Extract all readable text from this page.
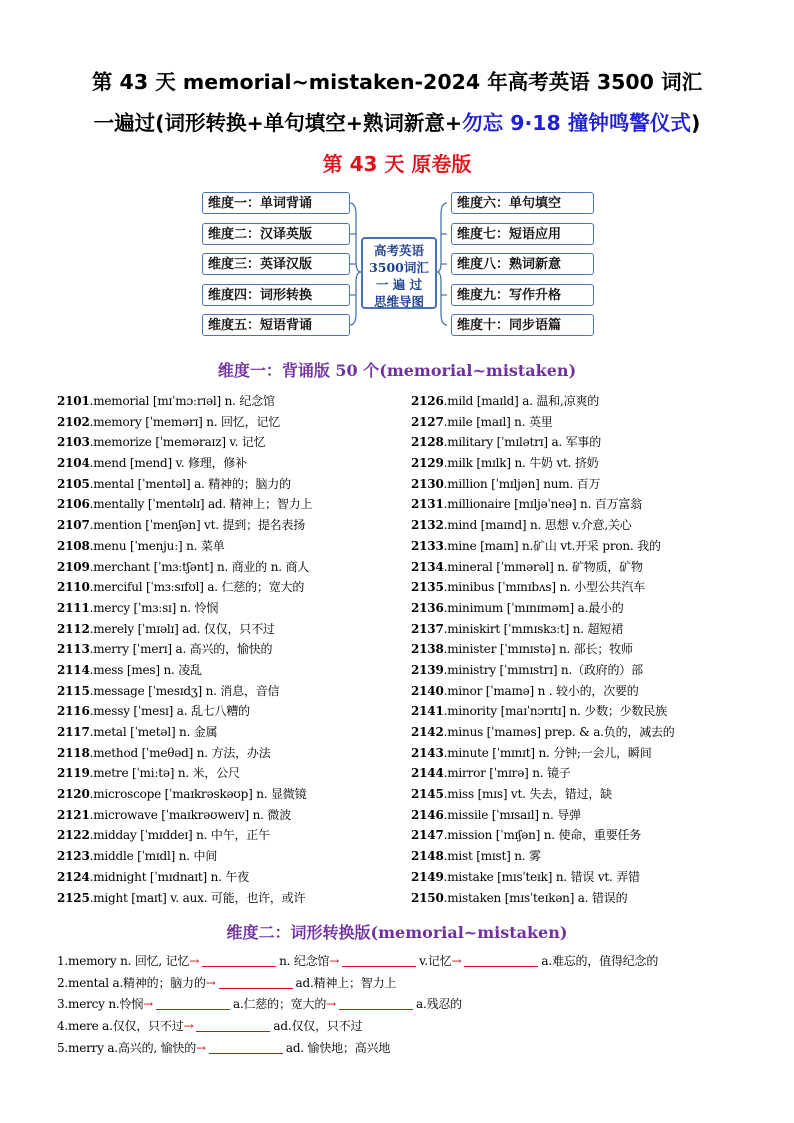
第 43 天 memorial~mistaken-2024 年高考英语 3500 词汇
一遍过(词形转换+单句填空+熟词新意+勿忘 9·18 撞钟鸣警仪式)
第 43 天 原卷版
维度一：单词背诵
维度二：汉译英版
维度三：英译汉版
维度四：词形转换
维度五：短语背诵
高考英语
3500词汇
一 遍 过
思维导图
维度六：单句填空
维度七：短语应用
维度八：熟词新意
维度九：写作升格
维度十：同步语篇
维度一：背诵版 50 个(memorial~mistaken)
2101.memorial [mɪˈmɔːrɪəl] n. 纪念馆
2102.memory [ˈmemərɪ] n. 回忆，记忆
2103.memorize [ˈmeməraɪz] v. 记忆
2104.mend [mend] v. 修理，修补
2105.mental [ˈmentəl] a. 精神的；脑力的
2106.mentally [ˈmentəlɪ] ad. 精神上；智力上
2107.mention [ˈmenʃən] vt. 提到；提名表扬
2108.menu [ˈmenjuː] n. 菜单
2109.merchant [ˈmɜːtʃənt] n. 商业的 n. 商人
2110.merciful [ˈmɜːsɪfʊl] a. 仁慈的；宽大的
2111.mercy [ˈmɜːsɪ] n. 怜悯
2112.merely [ˈmɪəlɪ] ad. 仅仅，只不过
2113.merry [ˈmerɪ] a. 高兴的，愉快的
2114.mess [mes] n. 凌乱
2115.message [ˈmesɪdʒ] n. 消息，音信
2116.messy [ˈmesɪ] a. 乱七八糟的
2117.metal [ˈmetəl] n. 金属
2118.method [ˈmeθəd] n. 方法，办法
2119.metre [ˈmiːtə] n. 米，公尺
2120.microscope [ˈmaɪkrəskəʊp] n. 显微镜
2121.microwave [ˈmaɪkrəʊweɪv] n. 微波
2122.midday [ˈmɪddeɪ] n. 中午，正午
2123.middle [ˈmɪdl] n. 中间
2124.midnight [ˈmɪdnaɪt] n. 午夜
2125.might [maɪt] v. aux. 可能，也许，或许
2126.mild [maɪld] a. 温和,凉爽的
2127.mile [maɪl] n. 英里
2128.military [ˈmɪlətrɪ] a. 军事的
2129.milk [mɪlk] n. 牛奶 vt. 挤奶
2130.million [ˈmɪljən] num. 百万
2131.millionaire [mɪljəˈneə] n. 百万富翁
2132.mind [maɪnd] n. 思想 v.介意,关心
2133.mine [maɪn] n.矿山 vt.开采 pron. 我的
2134.mineral [ˈmɪnərəl] n. 矿物质，矿物
2135.minibus [ˈmɪnɪbʌs] n. 小型公共汽车
2136.minimum [ˈmɪnɪməm] a.最小的
2137.miniskirt [ˈmɪnɪskɜːt] n. 超短裙
2138.minister [ˈmɪnɪstə] n. 部长；牧师
2139.ministry [ˈmɪnɪstrɪ] n.（政府的）部
2140.minor [ˈmaɪnə] n . 较小的，次要的
2141.minority [maɪˈnɔrɪtɪ] n. 少数；少数民族
2142.minus [ˈmaɪnəs] prep. & a.负的，减去的
2143.minute [ˈmɪnɪt] n. 分钟;一会儿，瞬间
2144.mirror [ˈmɪrə] n. 镜子
2145.miss [mɪs] vt. 失去，错过，缺
2146.missile [ˈmɪsaɪl] n. 导弹
2147.mission [ˈmɪʃən] n. 使命，重要任务
2148.mist [mɪst] n. 雾
2149.mistake [mɪsˈteɪk] n. 错误 vt. 弄错
2150.mistaken [mɪsˈteɪkən] a. 错误的
维度二：词形转换版(memorial~mistaken)
1.memory n. 回忆, 记忆→	n. 纪念馆→	v.记忆→	a.难忘的，值得纪念的
2.mental a.精神的；脑力的→	ad.精神上；智力上
3.mercy n.怜悯→	a.仁慈的；宽大的→	a.残忍的
4.mere a.仅仅，只不过→	ad.仅仅，只不过
5.merry a.高兴的, 愉快的→	ad. 愉快地；高兴地
